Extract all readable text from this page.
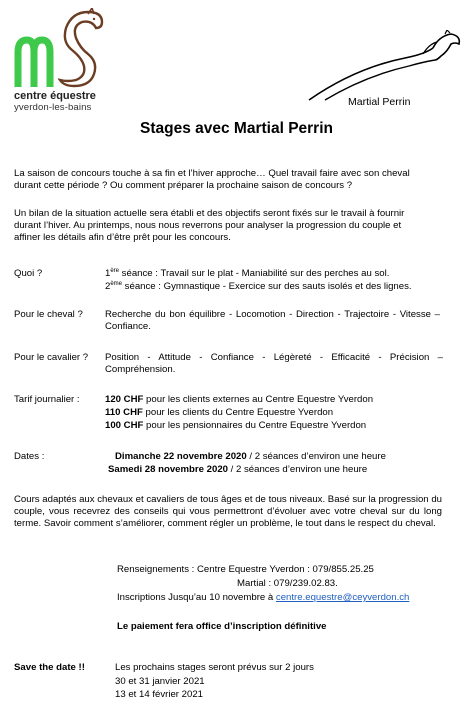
centre équestre
yverdon-les-bains	Martial Perrin
Stages avec Martial Perrin
La saison de concours touche à sa fin et l’hiver approche… Quel travail faire avec son cheval
durant cette période ? Ou comment préparer la prochaine saison de concours ?
Un bilan de la situation actuelle sera établi et des objectifs seront fixés sur le travail à fournir
durant l’hiver. Au printemps, nous nous reverrons pour analyser la progression du couple et
affiner les détails afin d’être prêt pour les concours.
Quoi ?	1ère séance : Travail sur le plat - Maniabilité sur des perches au sol.
2ème séance : Gymnastique - Exercice sur des sauts isolés et des lignes.
Pour le cheval ? Recherche du bon équilibre - Locomotion - Direction - Trajectoire - Vitesse – Confiance.
Pour le cavalier ? Position - Attitude - Confiance - Légèreté - Efficacité - Précision – Compréhension.
Tarif journalier :	120 CHF pour les clients externes au Centre Equestre Yverdon
110 CHF pour les clients du Centre Equestre Yverdon
100 CHF pour les pensionnaires du Centre Equestre Yverdon
Dates :	Dimanche 22 novembre 2020 / 2 séances d’environ une heure
Samedi 28 novembre 2020 / 2 séances d’environ une heure
Cours adaptés aux chevaux et cavaliers de tous âges et de tous niveaux. Basé sur la progression du couple, vous recevrez des conseils qui vous permettront d’évoluer avec votre cheval sur du long terme. Savoir comment s’améliorer, comment régler un problème, le tout dans le respect du cheval.
Renseignements : Centre Equestre Yverdon : 079/855.25.25
Martial : 079/239.02.83.
Inscriptions Jusqu’au 10 novembre à centre.equestre@ceyverdon.ch
Le paiement fera office d’inscription définitive
Save the date !!	Les prochains stages seront prévus sur 2 jours
30 et 31 janvier 2021
13 et 14 février 2021
